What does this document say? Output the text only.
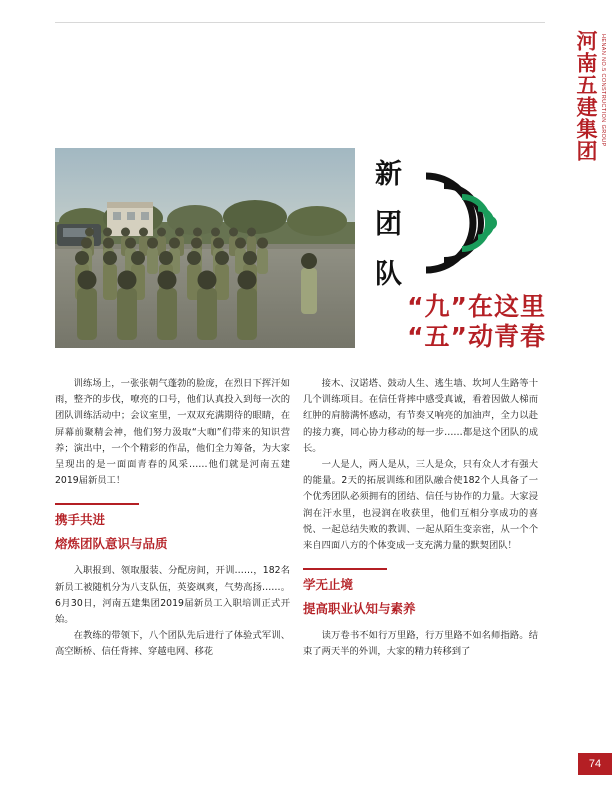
河南五建集团 HENAN NO.5 CONSTRUCTION GROUP
新
团
队
“九”在这里
“五”动青春

训练场上，一张张朝气蓬勃的脸庞，在烈日下挥汗如雨，整齐的步伐，嘹亮的口号，他们认真投入到每一次的团队训练活动中；会议室里，一双双充满期待的眼睛，在屏幕前聚精会神，他们努力汲取“大咖”们带来的知识营养；演出中，一个个精彩的作品，他们全力筹备，为大家呈现出的是一面面青春的风采……他们就是河南五建2019届新员工！

携手共进
熔炼团队意识与品质

入职报到、领取服装、分配房间，开训……，182名新员工被随机分为八支队伍，英姿飒爽，气势高扬……。6月30日，河南五建集团2019届新员工入职培训正式开始。

在教练的带领下，八个团队先后进行了体验式军训、高空断桥、信任背摔、穿越电网、移花

接木、汉诺塔、鼓动人生、逃生墙、坎坷人生路等十几个训练项目。在信任背摔中感受真诚，看着因做人梯而红肿的肩膀满怀感动，有节奏又响亮的加油声，全力以赴的接力赛，同心协力移动的每一步……都是这个团队的成长。

一人是人，两人是从，三人是众，只有众人才有强大的能量。2天的拓展训练和团队融合使182个人具备了一个优秀团队必须拥有的团结、信任与协作的力量。大家浸润在汗水里，也浸润在收获里，他们互相分享成功的喜悦、一起总结失败的教训、一起从陌生变亲密，从一个个来自四面八方的个体变成一支充满力量的默契团队！

学无止境
提高职业认知与素养

读万卷书不如行万里路，行万里路不如名师指路。结束了两天半的外训，大家的精力转移到了

74
